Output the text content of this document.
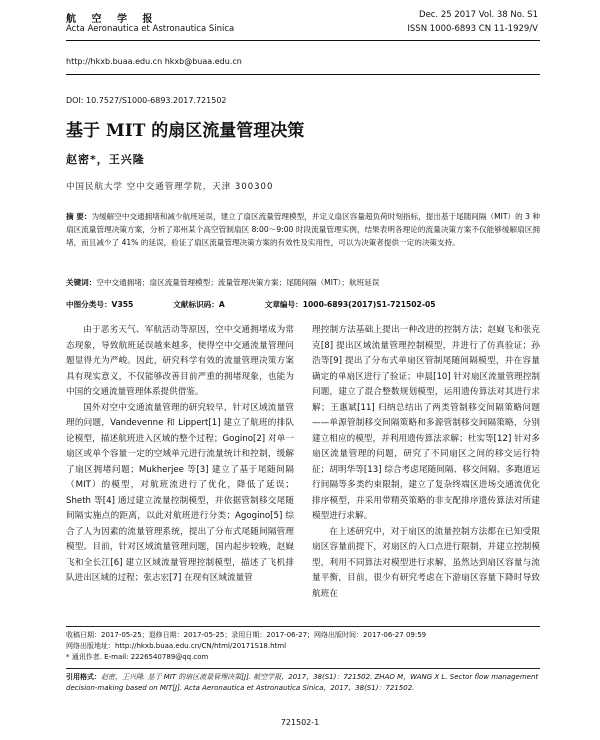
航 空 学 报
Acta Aeronautica et Astronautica Sinica
Dec. 25 2017 Vol. 38 No. S1
ISSN 1000-6893 CN 11-1929/V
http://hkxb.buaa.edu.cn hkxb@buaa.edu.cn
DOI: 10.7527/S1000-6893.2017.721502
基于 MIT 的扇区流量管理决策
赵密*，王兴隆
中国民航大学 空中交通管理学院，天津 300300
摘 要：为缓解空中交通拥堵和减少航班延误，建立了扇区流量管理模型，并定义扇区容量超负荷时刻指标，提出基于尾随间隔（MIT）的 3 种扇区流量管理决策方案，分析了郑州某个高空管制扇区 8:00～9:00 时段流量管理实例，结果表明各理论的流量决策方案不仅能够缓解扇区拥堵，而且减少了 41% 的延误，验证了扇区流量管理决策方案的有效性及实用性，可以为决策者提供一定的决策支持。
关键词：空中交通拥堵；扇区流量管理模型；流量管理决策方案；尾随间隔（MIT）；航班延误
中图分类号：V355	文献标识码：A	文章编号：1000-6893(2017)S1-721502-05

由于恶劣天气、军航活动等原因，空中交通拥堵成为常态现象，导致航班延误越来越多，使得空中交通流量管理问题显得尤为严峻。因此，研究科学有效的流量管理决策方案具有现实意义，不仅能够改善目前严重的拥堵现象，也能为中国的交通流量管理体系提供借鉴。

国外对空中交通流量管理的研究较早，针对区域流量管理的问题，Vandevenne 和 Lippert[1] 建立了航班的排队论模型，描述航班进入区域的整个过程；Gogino[2] 对单一扇区或单个容量一定的空域单元进行流量统计和控制，缓解了扇区拥堵问题；Mukherjee 等[3] 建立了基于尾随间隔（MIT）的模型，对航班流进行了优化，降低了延误；Sheth 等[4] 通过建立流量控制模型，并依据管制移交尾随间隔实施点的距离，以此对航班进行分类；Agogino[5] 综合了人为因素的流量管理系统，提出了分布式尾随间隔管理模型。目前，针对区域流量管理问题，国内起步较晚，赵嶷飞和全长江[6] 建立区域流量管理控制模型，描述了飞机排队进出区域的过程；张志宏[7] 在现有区域流量管

理控制方法基础上提出一种改进的控制方法；赵嶷飞和张克克[8] 提出区域流量管理控制模型，并进行了仿真验证；孙浩等[9] 提出了分布式单扇区管制尾随间隔模型，并在容量确定的单扇区进行了验证；申晨[10] 针对扇区流量管理控制问题，建立了混合整数规划模型，运用遗传算法对其进行求解；王惠斌[11] 归纳总结出了两类管制移交间隔策略问题——单源管制移交间隔策略和多源管制移交间隔策略，分别建立相应的模型，并利用遗传算法求解；杜实等[12] 针对多扇区流量管理的问题，研究了不同扇区之间的移交运行特征；胡明华等[13] 综合考虑尾随间隔、移交间隔、多跑道运行间隔等多类约束限制，建立了复杂终端区进场交通流优化排序模型，并采用带精英策略的非支配排序遗传算法对所建模型进行求解。

在上述研究中，对于扇区的流量控制方法都在已知受限扇区容量前提下，对扇区的入口点进行限制，并建立控制模型，利用不同算法对模型进行求解，虽然达到扇区容量与流量平衡，目前，很少有研究考虑在下游扇区容量下降时导致航班在

收稿日期：2017-05-25；退修日期：2017-05-25；录用日期：2017-06-27；网络出版时间：2017-06-27 09:59
网络出版地址：http://hkxb.buaa.edu.cn/CN/html/20171S18.html
* 通讯作者. E-mail: 2226540789@qq.com
引用格式：赵密，王兴隆. 基于 MIT 的扇区流量管理决策[J]. 航空学报，2017，38(S1)：721502. ZHAO M，WANG X L. Sector flow management decision-making based on MIT[J]. Acta Aeronautica et Astronautica Sinica，2017，38(S1)：721502.
721502-1
